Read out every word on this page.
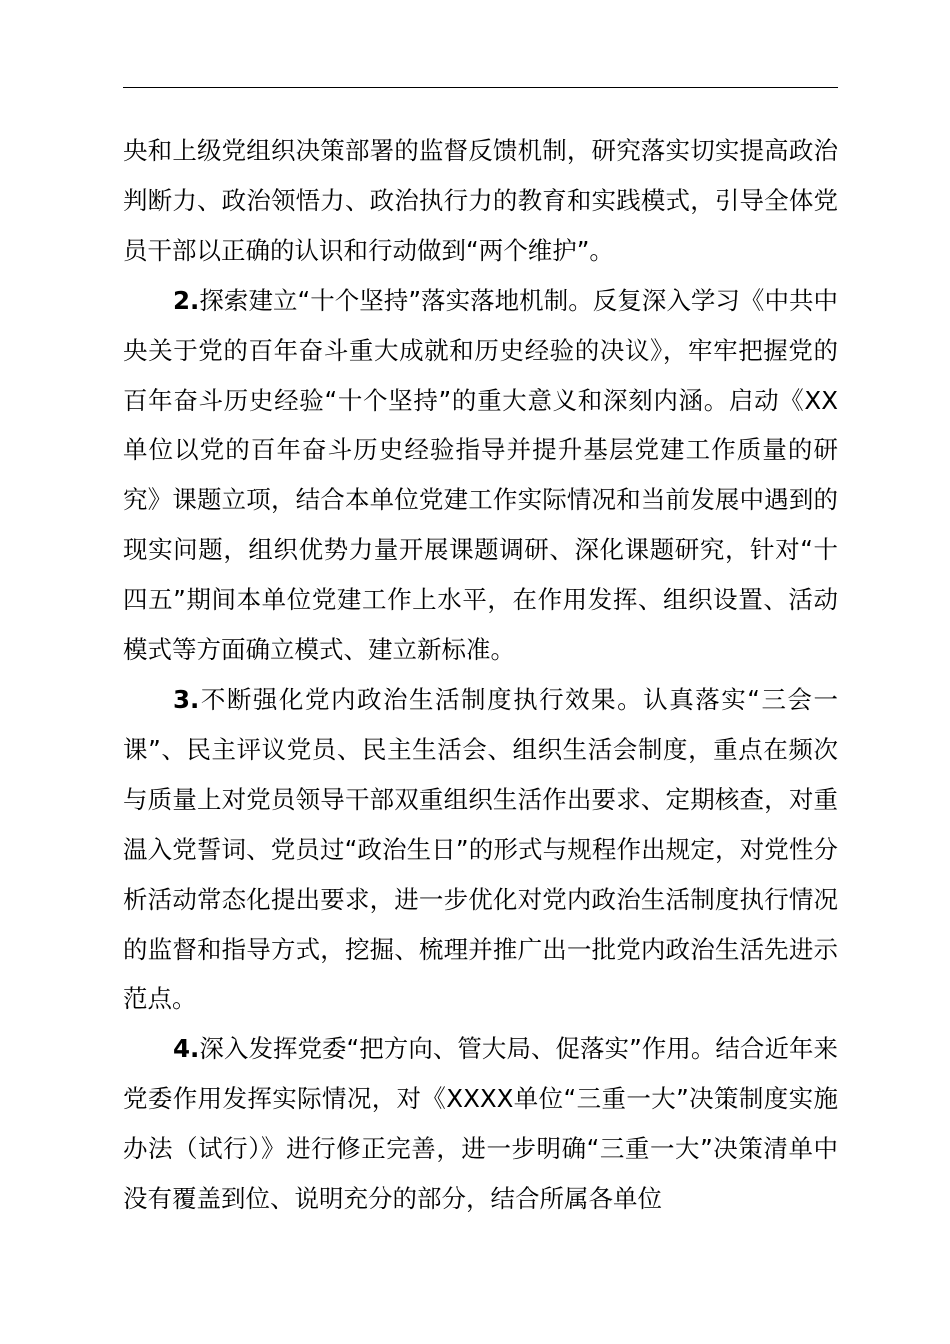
央和上级党组织决策部署的监督反馈机制，研究落实切实提高政治判断力、政治领悟力、政治执行力的教育和实践模式，引导全体党员干部以正确的认识和行动做到“两个维护”。

2.探索建立“十个坚持”落实落地机制。反复深入学习《中共中央关于党的百年奋斗重大成就和历史经验的决议》，牢牢把握党的百年奋斗历史经验“十个坚持”的重大意义和深刻内涵。启动《XX单位以党的百年奋斗历史经验指导并提升基层党建工作质量的研究》课题立项，结合本单位党建工作实际情况和当前发展中遇到的现实问题，组织优势力量开展课题调研、深化课题研究，针对“十四五”期间本单位党建工作上水平，在作用发挥、组织设置、活动模式等方面确立模式、建立新标准。

3.不断强化党内政治生活制度执行效果。认真落实“三会一课”、民主评议党员、民主生活会、组织生活会制度，重点在频次与质量上对党员领导干部双重组织生活作出要求、定期核查，对重温入党誓词、党员过“政治生日”的形式与规程作出规定，对党性分析活动常态化提出要求，进一步优化对党内政治生活制度执行情况的监督和指导方式，挖掘、梳理并推广出一批党内政治生活先进示范点。

4.深入发挥党委“把方向、管大局、促落实”作用。结合近年来党委作用发挥实际情况，对《XXXX单位“三重一大”决策制度实施办法（试行）》进行修正完善，进一步明确“三重一大”决策清单中没有覆盖到位、说明充分的部分，结合所属各单位
